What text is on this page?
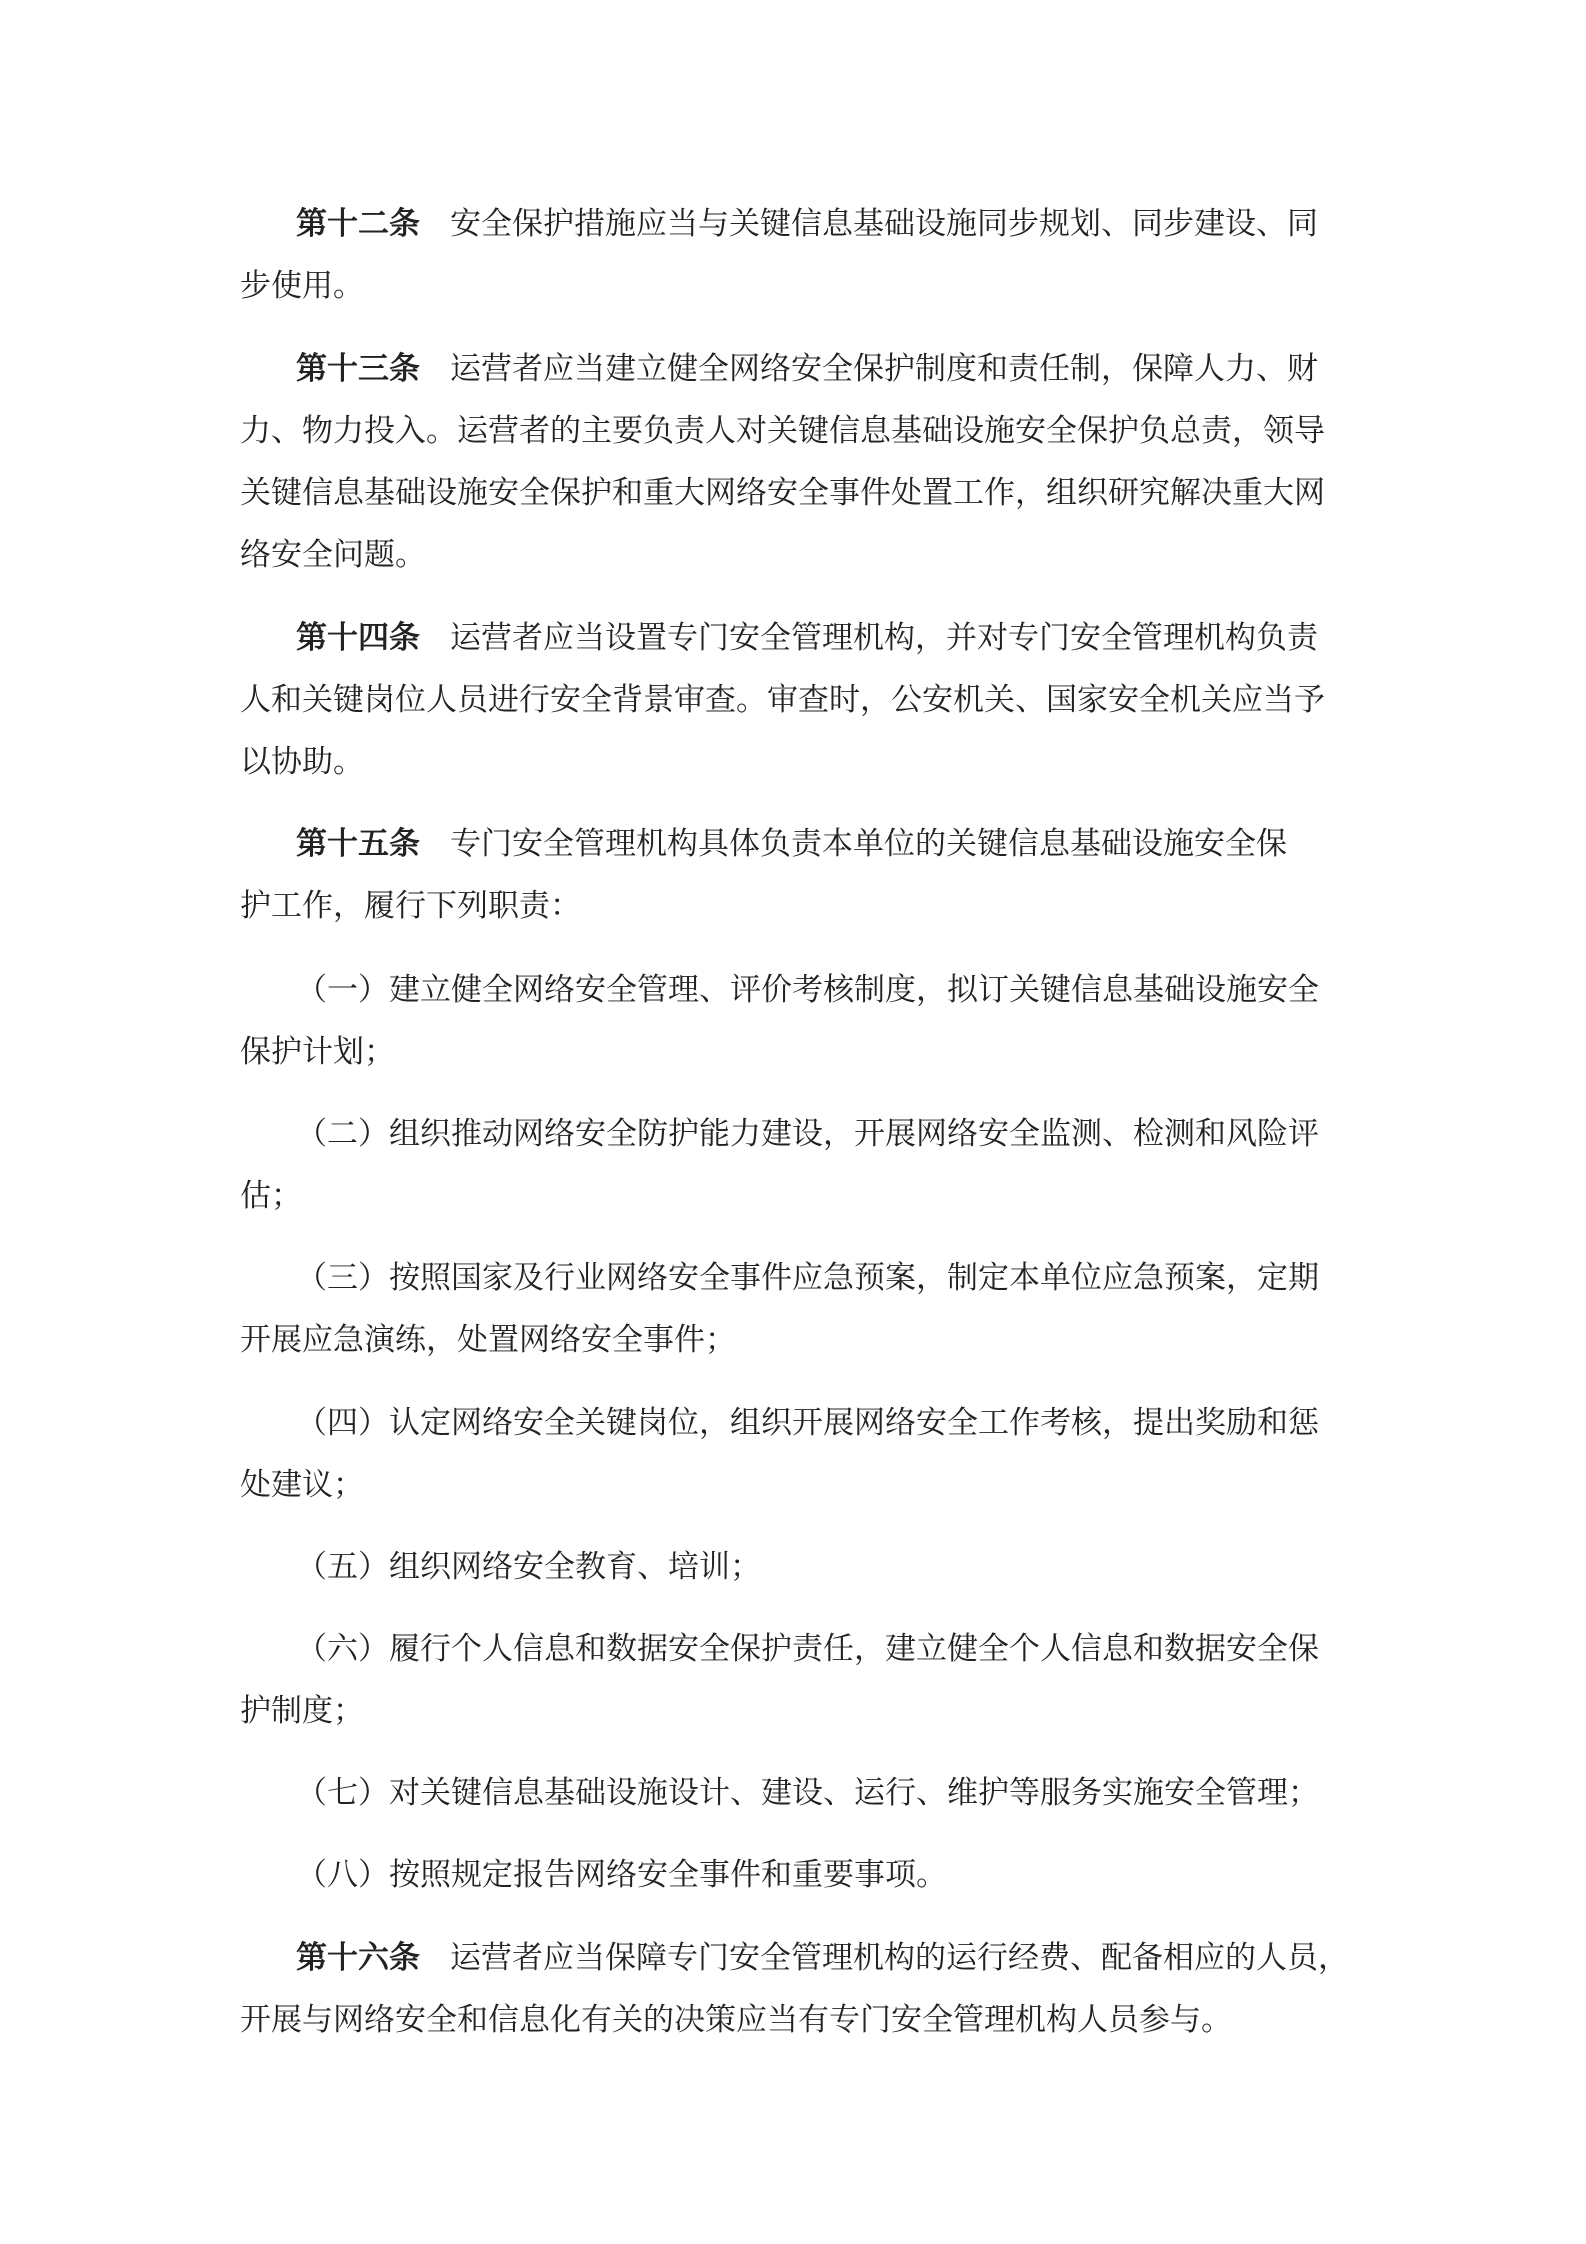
第十二条 安全保护措施应当与关键信息基础设施同步规划、同步建设、同
步使用。
第十三条 运营者应当建立健全网络安全保护制度和责任制，保障人力、财
力、物力投入。运营者的主要负责人对关键信息基础设施安全保护负总责，领导
关键信息基础设施安全保护和重大网络安全事件处置工作，组织研究解决重大网
络安全问题。
第十四条 运营者应当设置专门安全管理机构，并对专门安全管理机构负责
人和关键岗位人员进行安全背景审查。审查时，公安机关、国家安全机关应当予
以协助。
第十五条 专门安全管理机构具体负责本单位的关键信息基础设施安全保
护工作，履行下列职责：
（一）建立健全网络安全管理、评价考核制度，拟订关键信息基础设施安全
保护计划；
（二）组织推动网络安全防护能力建设，开展网络安全监测、检测和风险评
估；
（三）按照国家及行业网络安全事件应急预案，制定本单位应急预案，定期
开展应急演练，处置网络安全事件；
（四）认定网络安全关键岗位，组织开展网络安全工作考核，提出奖励和惩
处建议；
（五）组织网络安全教育、培训；
（六）履行个人信息和数据安全保护责任，建立健全个人信息和数据安全保
护制度；
（七）对关键信息基础设施设计、建设、运行、维护等服务实施安全管理；
（八）按照规定报告网络安全事件和重要事项。
第十六条 运营者应当保障专门安全管理机构的运行经费、配备相应的人员，
开展与网络安全和信息化有关的决策应当有专门安全管理机构人员参与。
